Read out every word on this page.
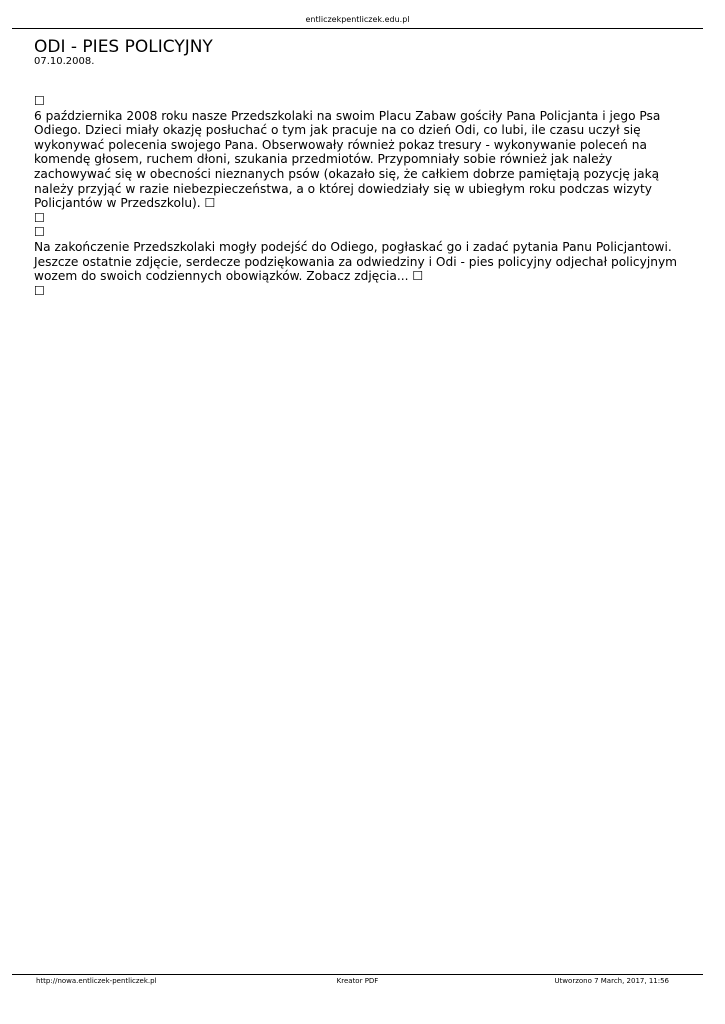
entliczekpentliczek.edu.pl
ODI - PIES POLICYJNY

07.10.2008.

☐

6 października 2008 roku nasze Przedszkolaki na swoim Placu Zabaw gościły Pana Policjanta i jego Psa

Odiego. Dzieci miały okazję posłuchać o tym jak pracuje na co dzień Odi, co lubi, ile czasu uczył się

wykonywać polecenia swojego Pana. Obserwowały również pokaz tresury - wykonywanie poleceń na

komendę głosem, ruchem dłoni, szukania przedmiotów. Przypomniały sobie również jak należy

zachowywać się w obecności nieznanych psów (okazało się, że całkiem dobrze pamiętają pozycję jaką

należy przyjąć w razie niebezpieczeństwa, a o której dowiedziały się w ubiegłym roku podczas wizyty

Policjantów w Przedszkolu). ☐

☐

☐

Na zakończenie Przedszkolaki mogły podejść do Odiego, pogłaskać go i zadać pytania Panu Policjantowi.

Jeszcze ostatnie zdjęcie, serdecze podziękowania za odwiedziny i Odi - pies policyjny odjechał policyjnym

wozem do swoich codziennych obowiązków. Zobacz zdjęcia... ☐

☐

http://nowa.entliczek-pentliczek.pl	Kreator PDF	Utworzono 7 March, 2017, 11:56
